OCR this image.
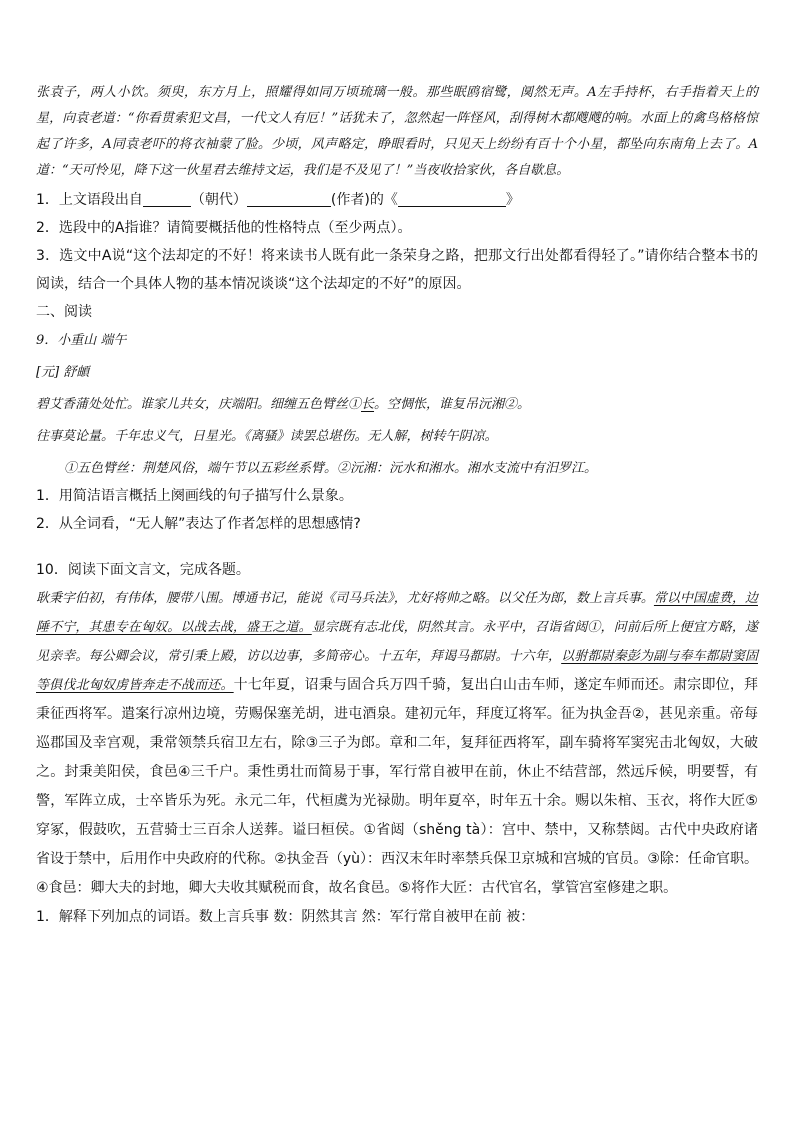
张袁子，两人小饮。须臾，东方月上，照耀得如同万顷琉璃一般。那些眠鸥宿鹭，阒然无声。A左手持杯，右手指着天上的星，向袁老道：“你看贯索犯文昌，一代文人有厄！”话犹未了，忽然起一阵怪风，刮得树木都飕飕的响。水面上的禽鸟格格惊起了许多，A同袁老吓的将衣袖蒙了脸。少顷，风声略定，睁眼看时，只见天上纷纷有百十个小星，都坠向东南角上去了。A道：“天可怜见，降下这一伙星君去维持文运，我们是不及见了！”当夜收拾家伙，各自歇息。

1．上文语段出自	（朝代）	(作者)的《	》

2．选段中的A指谁？请简要概括他的性格特点（至少两点）。

3．选文中A说“这个法却定的不好！将来读书人既有此一条荣身之路，把那文行出处都看得轻了。”请你结合整本书的阅读，结合一个具体人物的基本情况谈谈“这个法却定的不好”的原因。

二、阅读

9．小重山 端午

[元] 舒頔

碧艾香蒲处处忙。谁家儿共女，庆端阳。细缠五色臂丝①长。空惆怅，谁复吊沅湘②。

往事莫论量。千年忠义气，日星光。《离骚》读罢总堪伤。无人解，树转午阴凉。

①五色臂丝：荆楚风俗，端午节以五彩丝系臂。②沅湘：沅水和湘水。湘水支流中有汨罗江。

1．用简洁语言概括上阕画线的句子描写什么景象。

2．从全词看，“无人解”表达了作者怎样的思想感情?

10．阅读下面文言文，完成各题。

耿秉字伯初，有伟体，腰带八围。博通书记，能说《司马兵法》，尤好将帅之略。以父任为郎，数上言兵事。常以中国虚费，边陲不宁，其患专在匈奴。以战去战，盛王之道。显宗既有志北伐，阴然其言。永平中，召诣省闼①，问前后所上便宜方略，遂见亲幸。每公卿会议，常引秉上殿，访以边事，多简帝心。十五年，拜谒马都尉。十六年，以驸都尉秦彭为副与奉车都尉窦固等俱伐北匈奴虏皆奔走不战而还。十七年夏，诏秉与固合兵万四千骑，复出白山击车师，遂定车师而还。肃宗即位，拜秉征西将军。遣案行凉州边境，劳赐保塞羌胡，进屯酒泉。建初元年，拜度辽将军。征为执金吾②，甚见亲重。帝每巡郡国及幸宫观，秉常领禁兵宿卫左右，除③三子为郎。章和二年，复拜征西将军，副车骑将军窦宪击北匈奴，大破之。封秉美阳侯，食邑④三千户。秉性勇壮而简易于事，军行常自被甲在前，休止不结营部，然远斥候，明要誓，有警，军阵立成，士卒皆乐为死。永元二年，代桓虞为光禄勋。明年夏卒，时年五十余。赐以朱棺、玉衣，将作大匠⑤穿冢，假鼓吹，五营骑士三百余人送葬。谥曰桓侯。①省闼（shěng tà）：宫中、禁中，又称禁闼。古代中央政府诸省设于禁中，后用作中央政府的代称。②执金吾（yù）：西汉末年时率禁兵保卫京城和宫城的官员。③除：任命官职。④食邑：卿大夫的封地，卿大夫收其赋税而食，故名食邑。⑤将作大匠：古代官名，掌管宫室修建之职。

1．解释下列加点的词语。数上言兵事 数：阴然其言 然：军行常自被甲在前 被：
